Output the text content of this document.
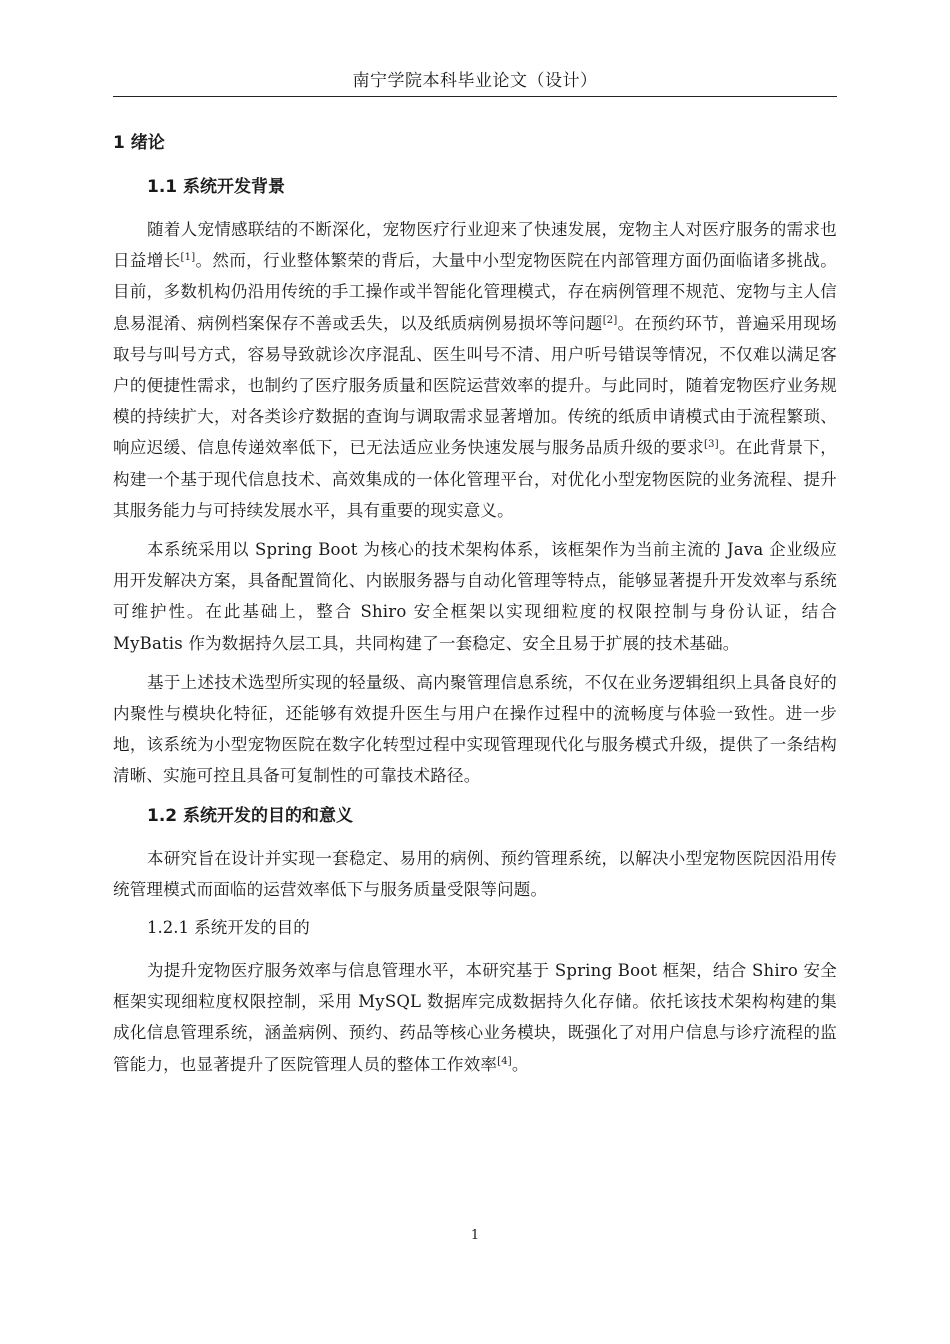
南宁学院本科毕业论文（设计）
1 绪论
1.1 系统开发背景

随着人宠情感联结的不断深化，宠物医疗行业迎来了快速发展，宠物主人对医疗服务的需求也日益增长[1]。然而，行业整体繁荣的背后，大量中小型宠物医院在内部管理方面仍面临诸多挑战。目前，多数机构仍沿用传统的手工操作或半智能化管理模式，存在病例管理不规范、宠物与主人信息易混淆、病例档案保存不善或丢失，以及纸质病例易损坏等问题[2]。在预约环节，普遍采用现场取号与叫号方式，容易导致就诊次序混乱、医生叫号不清、用户听号错误等情况，不仅难以满足客户的便捷性需求，也制约了医疗服务质量和医院运营效率的提升。与此同时，随着宠物医疗业务规模的持续扩大，对各类诊疗数据的查询与调取需求显著增加。传统的纸质申请模式由于流程繁琐、响应迟缓、信息传递效率低下，已无法适应业务快速发展与服务品质升级的要求[3]。在此背景下，构建一个基于现代信息技术、高效集成的一体化管理平台，对优化小型宠物医院的业务流程、提升其服务能力与可持续发展水平，具有重要的现实意义。

本系统采用以 Spring Boot 为核心的技术架构体系，该框架作为当前主流的 Java 企业级应用开发解决方案，具备配置简化、内嵌服务器与自动化管理等特点，能够显著提升开发效率与系统可维护性。在此基础上，整合 Shiro 安全框架以实现细粒度的权限控制与身份认证，结合 MyBatis 作为数据持久层工具，共同构建了一套稳定、安全且易于扩展的技术基础。

基于上述技术选型所实现的轻量级、高内聚管理信息系统，不仅在业务逻辑组织上具备良好的内聚性与模块化特征，还能够有效提升医生与用户在操作过程中的流畅度与体验一致性。进一步地，该系统为小型宠物医院在数字化转型过程中实现管理现代化与服务模式升级，提供了一条结构清晰、实施可控且具备可复制性的可靠技术路径。

1.2 系统开发的目的和意义

本研究旨在设计并实现一套稳定、易用的病例、预约管理系统，以解决小型宠物医院因沿用传统管理模式而面临的运营效率低下与服务质量受限等问题。

1.2.1 系统开发的目的

为提升宠物医疗服务效率与信息管理水平，本研究基于 Spring Boot 框架，结合 Shiro 安全框架实现细粒度权限控制，采用 MySQL 数据库完成数据持久化存储。依托该技术架构构建的集成化信息管理系统，涵盖病例、预约、药品等核心业务模块，既强化了对用户信息与诊疗流程的监管能力，也显著提升了医院管理人员的整体工作效率[4]。

1
